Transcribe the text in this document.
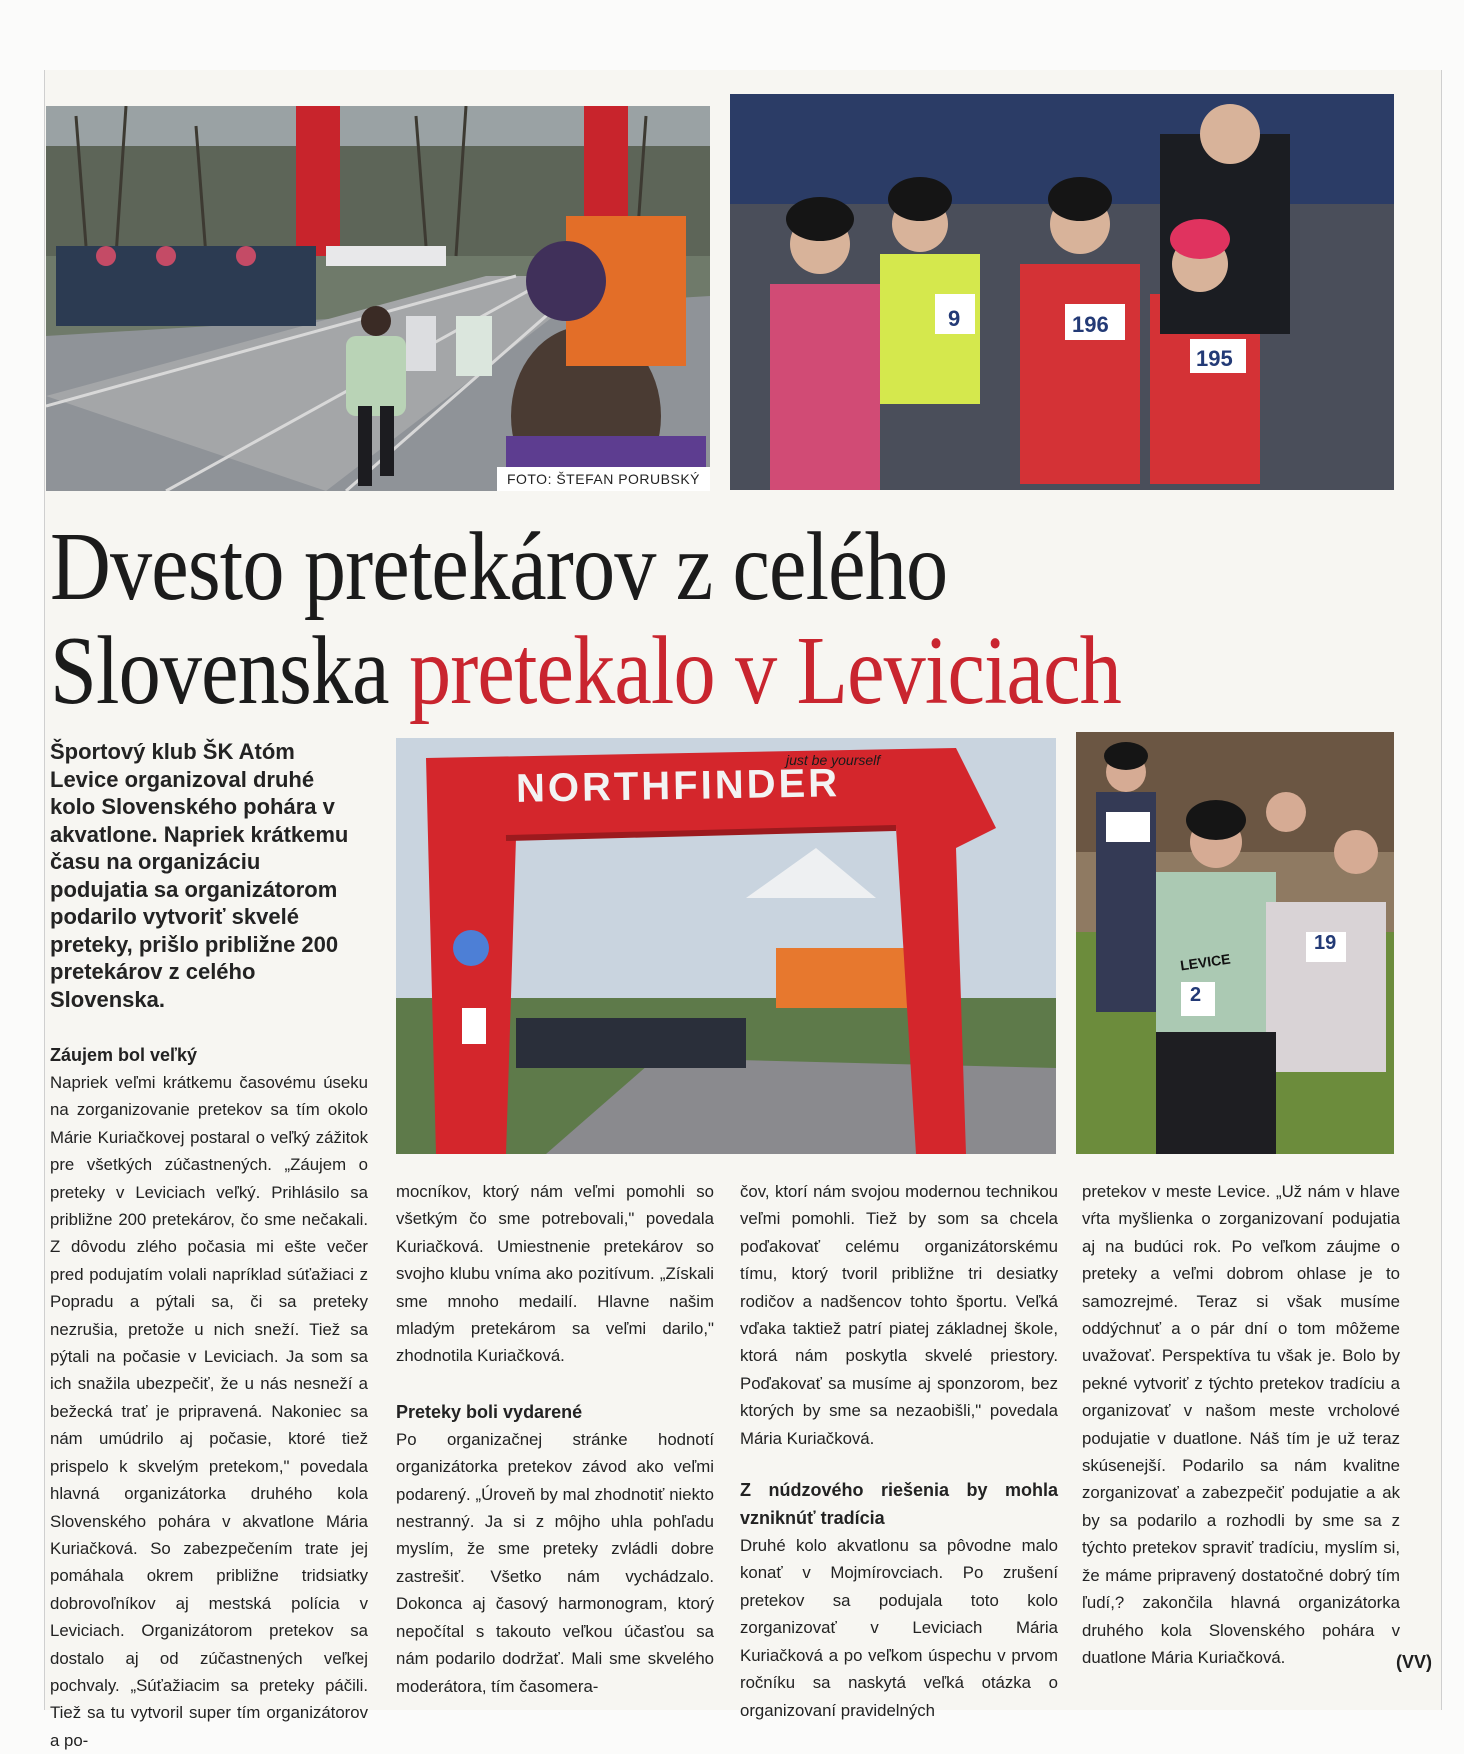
FOTO: ŠTEFAN PORUBSKÝ
196
195
9
Dvesto pretekárov z celého
Slovenska pretekalo v Leviciach
Športový klub ŠK Atóm Levice organizoval druhé kolo Slovenského pohára v akvatlone. Napriek krátkemu času na organizáciu podujatia sa organizátorom podarilo vytvoriť skvelé preteky, prišlo približne 200 pretekárov z celého Slovenska.
NORTHFINDER
just be yourself
LEVICE
19
2
Záujem bol veľký
Napriek veľmi krátkemu časovému úseku na zorganizovanie pretekov sa tím okolo Márie Kuriačkovej postaral o veľký zážitok pre všetkých zúčastnených. „Záujem o preteky v Leviciach veľký. Prihlásilo sa približne 200 pretekárov, čo sme nečakali. Z dôvodu zlého počasia mi ešte večer pred podujatím volali napríklad súťažiaci z Popradu a pýtali sa, či sa preteky nezrušia, pretože u nich sneží. Tiež sa pýtali na počasie v Leviciach. Ja som sa ich snažila ubezpečiť, že u nás nesneží a bežecká trať je pripravená. Nakoniec sa nám umúdrilo aj počasie, ktoré tiež prispelo k skvelým pretekom," povedala hlavná organizátorka druhého kola Slovenského pohára v akvatlone Mária Kuriačková. So zabezpečením trate jej pomáhala okrem približne tridsiatky dobrovoľníkov aj mestská polícia v Leviciach. Organizátorom pretekov sa dostalo aj od zúčastnených veľkej pochvaly. „Súťažiacim sa preteky páčili. Tiež sa tu vytvoril super tím organizátorov a po-
mocníkov, ktorý nám veľmi pomohli so všetkým čo sme potrebovali," povedala Kuriačková. Umiestnenie pretekárov so svojho klubu vníma ako pozitívum. „Získali sme mnoho medailí. Hlavne našim mladým pretekárom sa veľmi darilo," zhodnotila Kuriačková.
Preteky boli vydarené
Po organizačnej stránke hodnotí organizátorka pretekov závod ako veľmi podarený. „Úroveň by mal zhodnotiť niekto nestranný. Ja si z môjho uhla pohľadu myslím, že sme preteky zvládli dobre zastrešiť. Všetko nám vychádzalo. Dokonca aj časový harmonogram, ktorý nepočítal s takouto veľkou účasťou sa nám podarilo dodržať. Mali sme skvelého moderátora, tím časomera-
čov, ktorí nám svojou modernou technikou veľmi pomohli. Tiež by som sa chcela poďakovať celému organizátorskému tímu, ktorý tvoril približne tri desiatky rodičov a nadšencov tohto športu. Veľká vďaka taktiež patrí piatej základnej škole, ktorá nám poskytla skvelé priestory. Poďakovať sa musíme aj sponzorom, bez ktorých by sme sa nezaobišli," povedala Mária Kuriačková.
Z núdzového riešenia by mohla vzniknúť tradícia
Druhé kolo akvatlonu sa pôvodne malo konať v Mojmírovciach. Po zrušení pretekov sa podujala toto kolo zorganizovať v Leviciach Mária Kuriačková a po veľkom úspechu v prvom ročníku sa naskytá veľká otázka o organizovaní pravidelných
pretekov v meste Levice. „Už nám v hlave vŕta myšlienka o zorganizovaní podujatia aj na budúci rok. Po veľkom záujme o preteky a veľmi dobrom ohlase je to samozrejmé. Teraz si však musíme oddýchnuť a o pár dní o tom môžeme uvažovať. Perspektíva tu však je. Bolo by pekné vytvoriť z týchto pretekov tradíciu a organizovať v našom meste vrcholové podujatie v duatlone. Náš tím je už teraz skúsenejší. Podarilo sa nám kvalitne zorganizovať a zabezpečiť podujatie a ak by sa podarilo a rozhodli by sme sa z týchto pretekov spraviť tradíciu, myslím si, že máme pripravený dostatočné dobrý tím ľudí,? zakončila hlavná organizátorka druhého kola Slovenského pohára v duatlone Mária Kuriačková.	(VV)
